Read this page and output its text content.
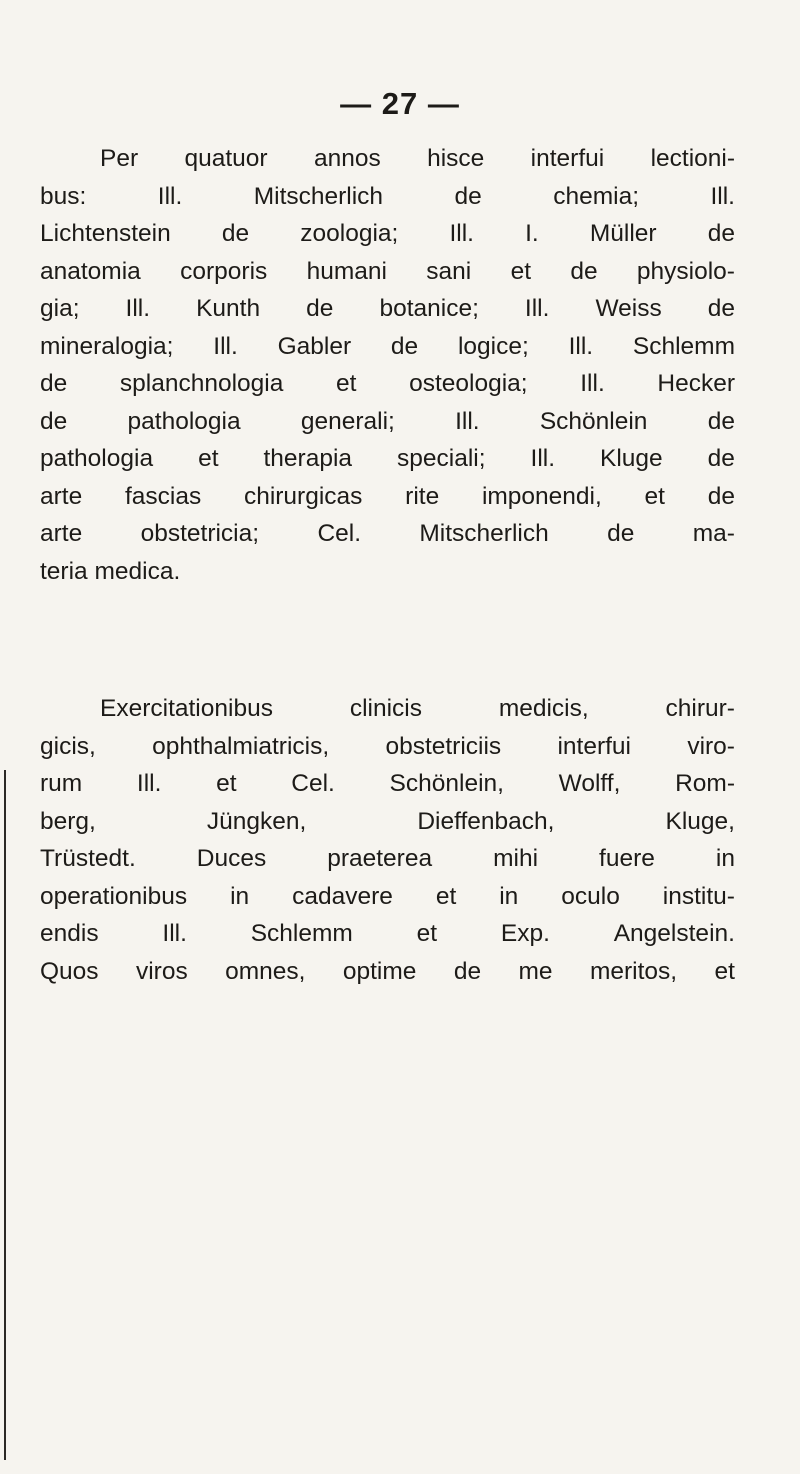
— 27 —
Per quatuor annos hisce interfui lectioni-
bus:	Ill.	Mitscherlich	de	chemia;	Ill.
Lichtenstein de zoologia; Ill. I. Müller de
anatomia corporis humani sani et de physiolo-
gia; Ill. Kunth de botanice; Ill. Weiss de
mineralogia; Ill. Gabler de logice; Ill. Schlemm
de splanchnologia et osteologia; Ill. Hecker
de pathologia generali; Ill. Schönlein de
pathologia et therapia speciali; Ill. Kluge de
arte fascias chirurgicas rite imponendi, et de
arte obstetricia; Cel. Mitscherlich de ma-
teria medica.
Exercitationibus	clinicis	medicis,	chirur-
gicis, ophthalmiatricis, obstetriciis interfui viro-
rum Ill. et Cel. Schönlein, Wolff, Rom-
berg,	Jüngken,	Dieffenbach,	Kluge,
Trüstedt. Duces praeterea mihi fuere in
operationibus in cadavere et in oculo institu-
endis	Ill.	Schlemm	et	Exp.	Angelstein.
Quos viros omnes, optime de me meritos, et
